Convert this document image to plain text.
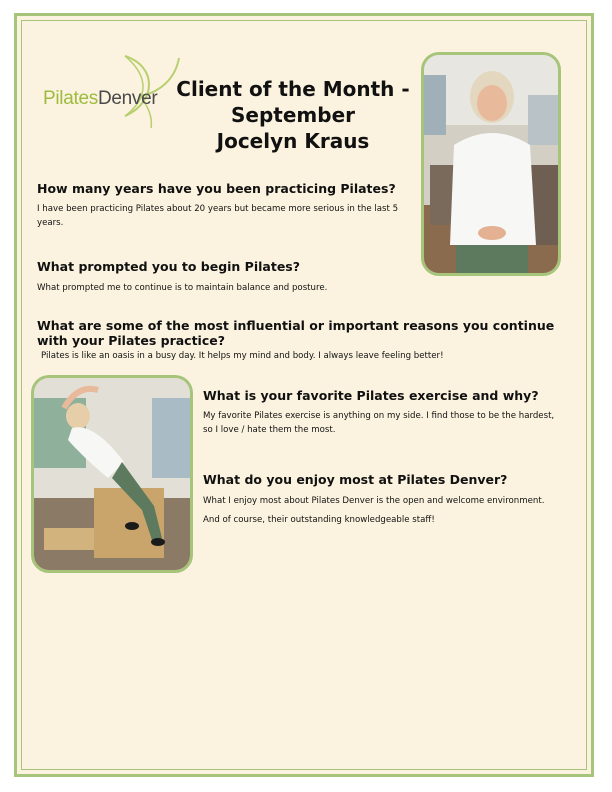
PilatesDenver Client of the Month -
September
Jocelyn Kraus
How many years have you been practicing Pilates?
I have been practicing Pilates about 20 years but became more serious in the last 5 years.
What prompted you to begin Pilates?
What prompted me to continue is to maintain balance and posture.
What are some of the most influential or important reasons you continue with your Pilates practice?
Pilates is like an oasis in a busy day. It helps my mind and body. I always leave feeling better!
What is your favorite Pilates exercise and why?
My favorite Pilates exercise is anything on my side. I find those to be the hardest, so I love / hate them the most.
What do you enjoy most at Pilates Denver?
What I enjoy most about Pilates Denver is the open and welcome environment.
And of course, their outstanding knowledgeable staff!
